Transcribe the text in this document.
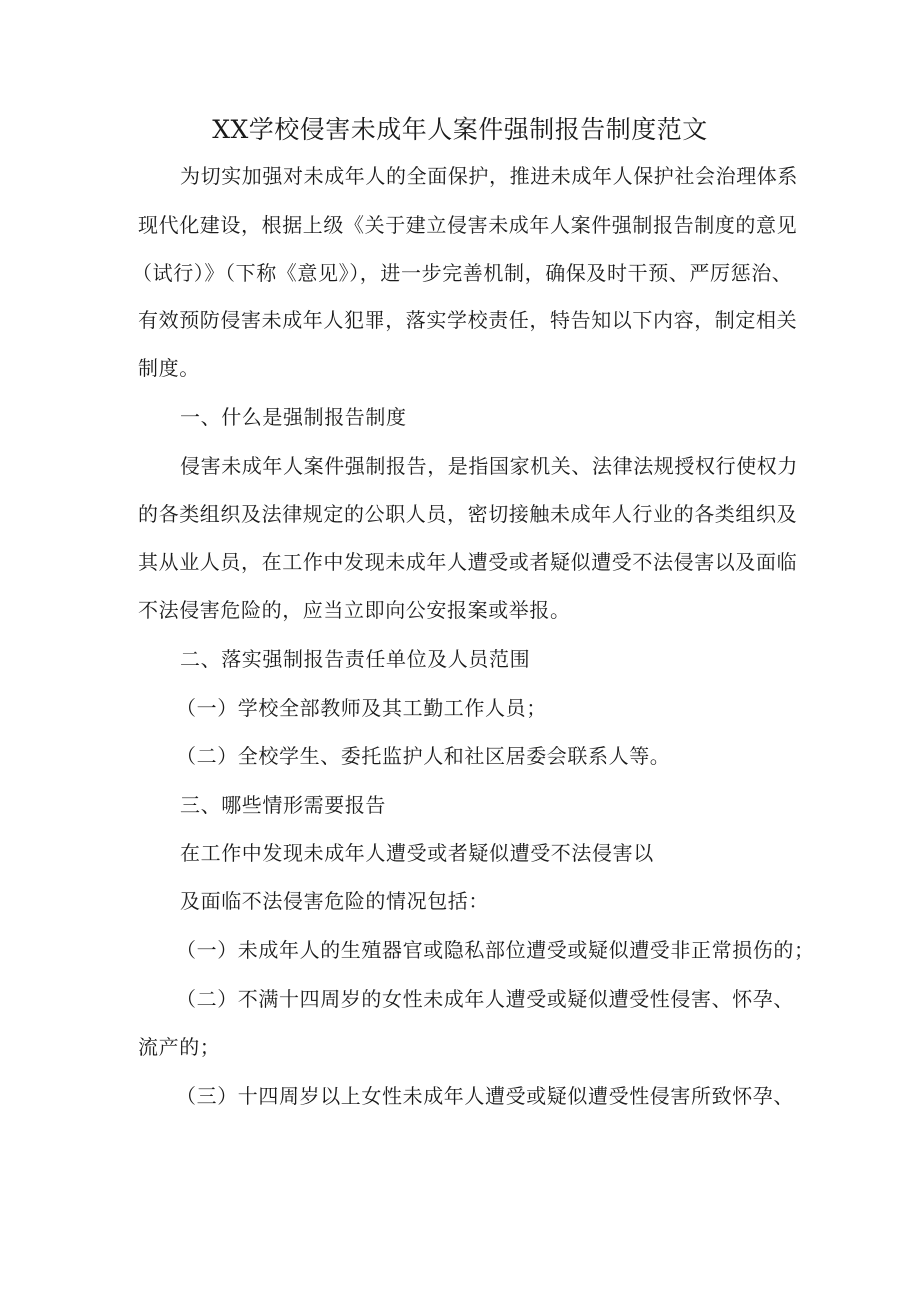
XX学校侵害未成年人案件强制报告制度范文
为切实加强对未成年人的全面保护，推进未成年人保护社会治理体系
现代化建设，根据上级《关于建立侵害未成年人案件强制报告制度的意见
（试行）》（下称《意见》），进一步完善机制，确保及时干预、严厉惩治、
有效预防侵害未成年人犯罪，落实学校责任，特告知以下内容，制定相关
制度。
一、什么是强制报告制度
侵害未成年人案件强制报告，是指国家机关、法律法规授权行使权力
的各类组织及法律规定的公职人员，密切接触未成年人行业的各类组织及
其从业人员，在工作中发现未成年人遭受或者疑似遭受不法侵害以及面临
不法侵害危险的，应当立即向公安报案或举报。
二、落实强制报告责任单位及人员范围
（一）学校全部教师及其工勤工作人员；
（二）全校学生、委托监护人和社区居委会联系人等。
三、哪些情形需要报告
在工作中发现未成年人遭受或者疑似遭受不法侵害以
及面临不法侵害危险的情况包括：
（一）未成年人的生殖器官或隐私部位遭受或疑似遭受非正常损伤的；
（二）不满十四周岁的女性未成年人遭受或疑似遭受性侵害、怀孕、
流产的；
（三）十四周岁以上女性未成年人遭受或疑似遭受性侵害所致怀孕、
